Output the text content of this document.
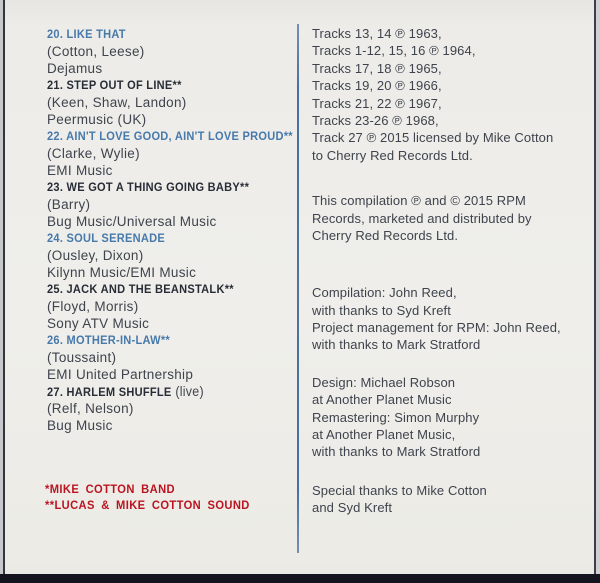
20. LIKE THAT
(Cotton, Leese)
Dejamus
21. STEP OUT OF LINE**
(Keen, Shaw, Landon)
Peermusic (UK)
22. AIN'T LOVE GOOD, AIN'T LOVE PROUD**
(Clarke, Wylie)
EMI Music
23. WE GOT A THING GOING BABY**
(Barry)
Bug Music/Universal Music
24. SOUL SERENADE
(Ousley, Dixon)
Kilynn Music/EMI Music
25. JACK AND THE BEANSTALK**
(Floyd, Morris)
Sony ATV Music
26. MOTHER-IN-LAW**
(Toussaint)
EMI United Partnership
27. HARLEM SHUFFLE (live)
(Relf, Nelson)
Bug Music
*MIKE COTTON BAND
**LUCAS & MIKE COTTON SOUND
Tracks 13, 14 ℗ 1963,
Tracks 1-12, 15, 16 ℗ 1964,
Tracks 17, 18 ℗ 1965,
Tracks 19, 20 ℗ 1966,
Tracks 21, 22 ℗ 1967,
Tracks 23-26 ℗ 1968,
Track 27 ℗ 2015 licensed by Mike Cotton
to Cherry Red Records Ltd.
This compilation ℗ and © 2015 RPM
Records, marketed and distributed by
Cherry Red Records Ltd.
Compilation: John Reed,
with thanks to Syd Kreft
Project management for RPM: John Reed,
with thanks to Mark Stratford
Design: Michael Robson
at Another Planet Music
Remastering: Simon Murphy
at Another Planet Music,
with thanks to Mark Stratford
Special thanks to Mike Cotton
and Syd Kreft
